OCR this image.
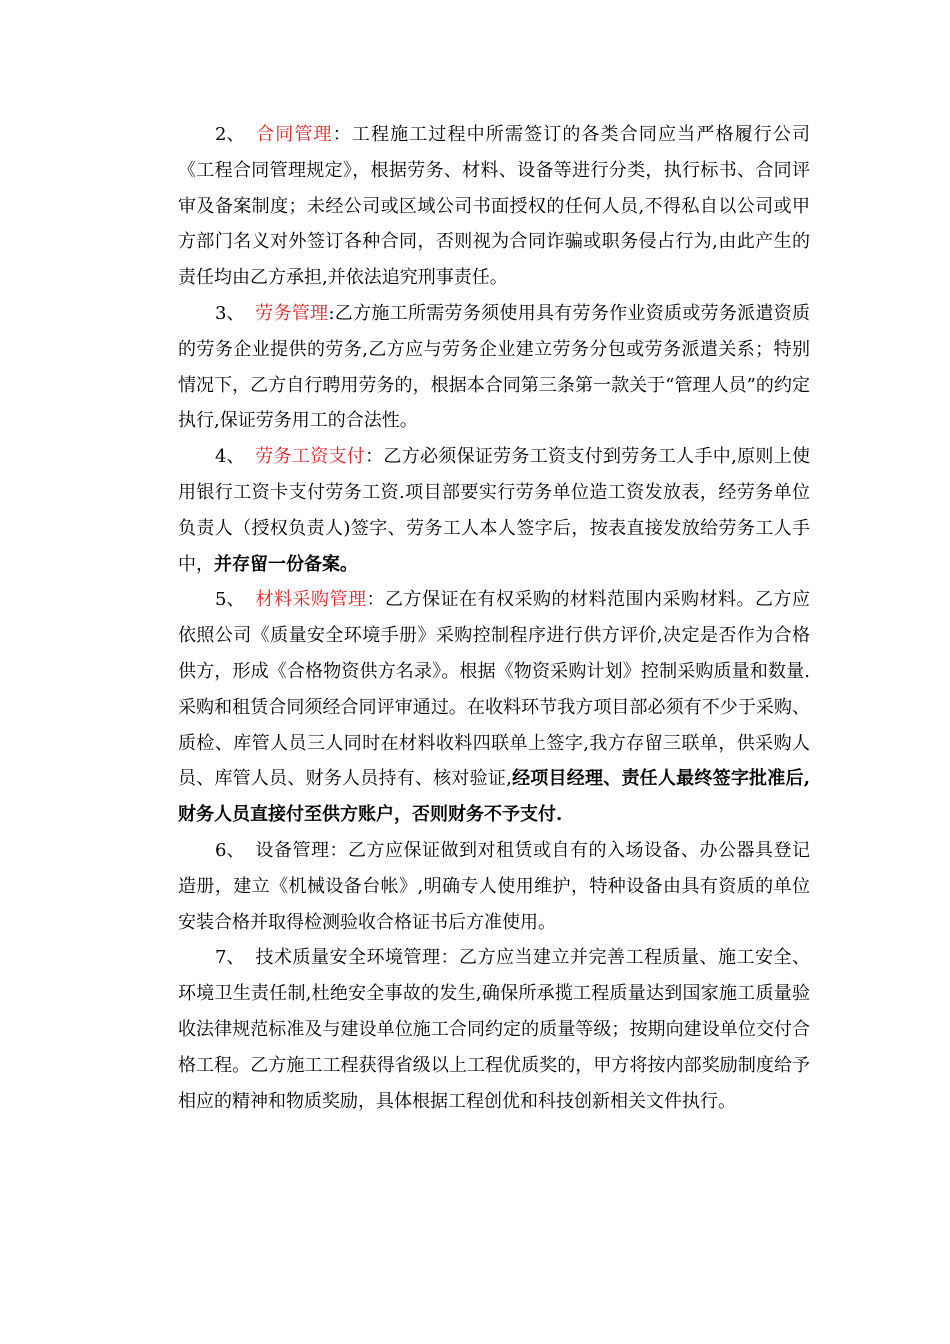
2、 合同管理：工程施工过程中所需签订的各类合同应当严格履行公司《工程合同管理规定》，根据劳务、材料、设备等进行分类，执行标书、合同评审及备案制度；未经公司或区域公司书面授权的任何人员,不得私自以公司或甲方部门名义对外签订各种合同，否则视为合同诈骗或职务侵占行为,由此产生的责任均由乙方承担,并依法追究刑事责任。

3、 劳务管理:乙方施工所需劳务须使用具有劳务作业资质或劳务派遣资质的劳务企业提供的劳务,乙方应与劳务企业建立劳务分包或劳务派遣关系；特别情况下，乙方自行聘用劳务的，根据本合同第三条第一款关于“管理人员”的约定执行,保证劳务用工的合法性。

4、 劳务工资支付：乙方必须保证劳务工资支付到劳务工人手中,原则上使用银行工资卡支付劳务工资.项目部要实行劳务单位造工资发放表，经劳务单位负责人（授权负责人)签字、劳务工人本人签字后，按表直接发放给劳务工人手中，并存留一份备案。

5、 材料采购管理：乙方保证在有权采购的材料范围内采购材料。乙方应依照公司《质量安全环境手册》采购控制程序进行供方评价,决定是否作为合格供方，形成《合格物资供方名录》。根据《物资采购计划》控制采购质量和数量.采购和租赁合同须经合同评审通过。在收料环节我方项目部必须有不少于采购、质检、库管人员三人同时在材料收料四联单上签字,我方存留三联单，供采购人员、库管人员、财务人员持有、核对验证,经项目经理、责任人最终签字批准后,财务人员直接付至供方账户，否则财务不予支付.

6、 设备管理：乙方应保证做到对租赁或自有的入场设备、办公器具登记造册，建立《机械设备台帐》,明确专人使用维护，特种设备由具有资质的单位安装合格并取得检测验收合格证书后方准使用。

7、 技术质量安全环境管理：乙方应当建立并完善工程质量、施工安全、环境卫生责任制,杜绝安全事故的发生,确保所承揽工程质量达到国家施工质量验收法律规范标准及与建设单位施工合同约定的质量等级；按期向建设单位交付合格工程。乙方施工工程获得省级以上工程优质奖的，甲方将按内部奖励制度给予相应的精神和物质奖励，具体根据工程创优和科技创新相关文件执行。
